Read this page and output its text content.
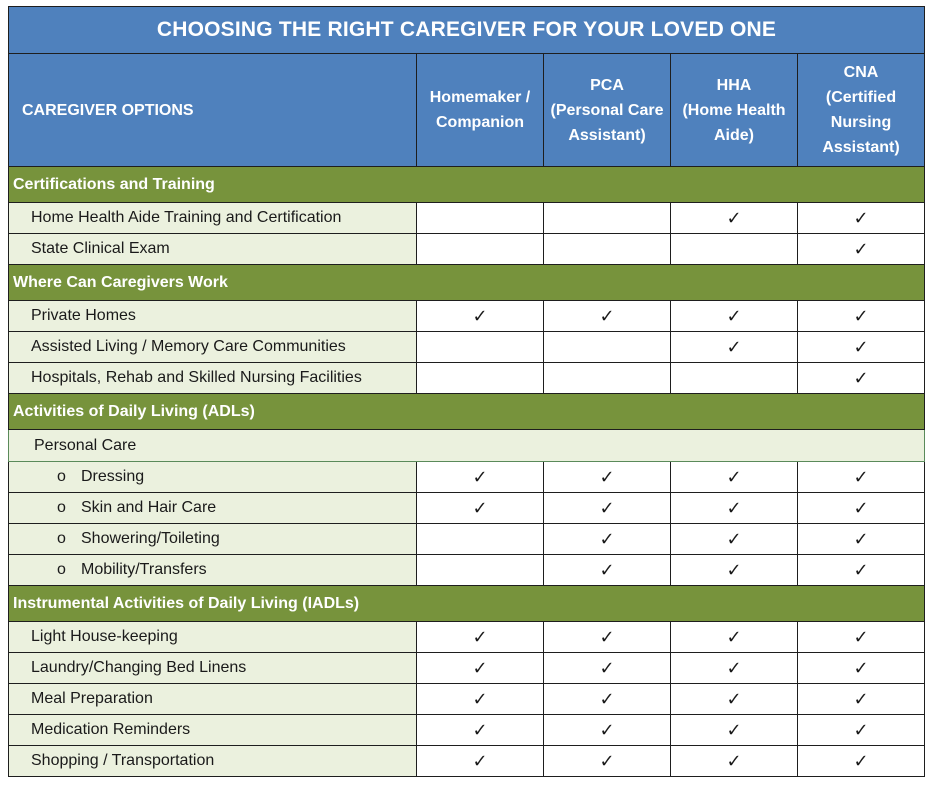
CHOOSING THE RIGHT CAREGIVER FOR YOUR LOVED ONE				
CAREGIVER OPTIONS	Homemaker /
Companion	PCA
(Personal Care
Assistant)	HHA
(Home Health
Aide)	CNA
(Certified
Nursing
Assistant)
Certifications and Training				
Home Health Aide Training and Certification			✓	✓
State Clinical Exam				✓
Where Can Caregivers Work				
Private Homes	✓	✓	✓	✓
Assisted Living / Memory Care Communities			✓	✓
Hospitals, Rehab and Skilled Nursing Facilities				✓
Activities of Daily Living (ADLs)				
Personal Care				
o Dressing	✓	✓	✓	✓
o Skin and Hair Care	✓	✓	✓	✓
o Showering/Toileting		✓	✓	✓
o Mobility/Transfers		✓	✓	✓
Instrumental Activities of Daily Living (IADLs)				
Light House-keeping	✓	✓	✓	✓
Laundry/Changing Bed Linens	✓	✓	✓	✓
Meal Preparation	✓	✓	✓	✓
Medication Reminders	✓	✓	✓	✓
Shopping / Transportation	✓	✓	✓	✓
